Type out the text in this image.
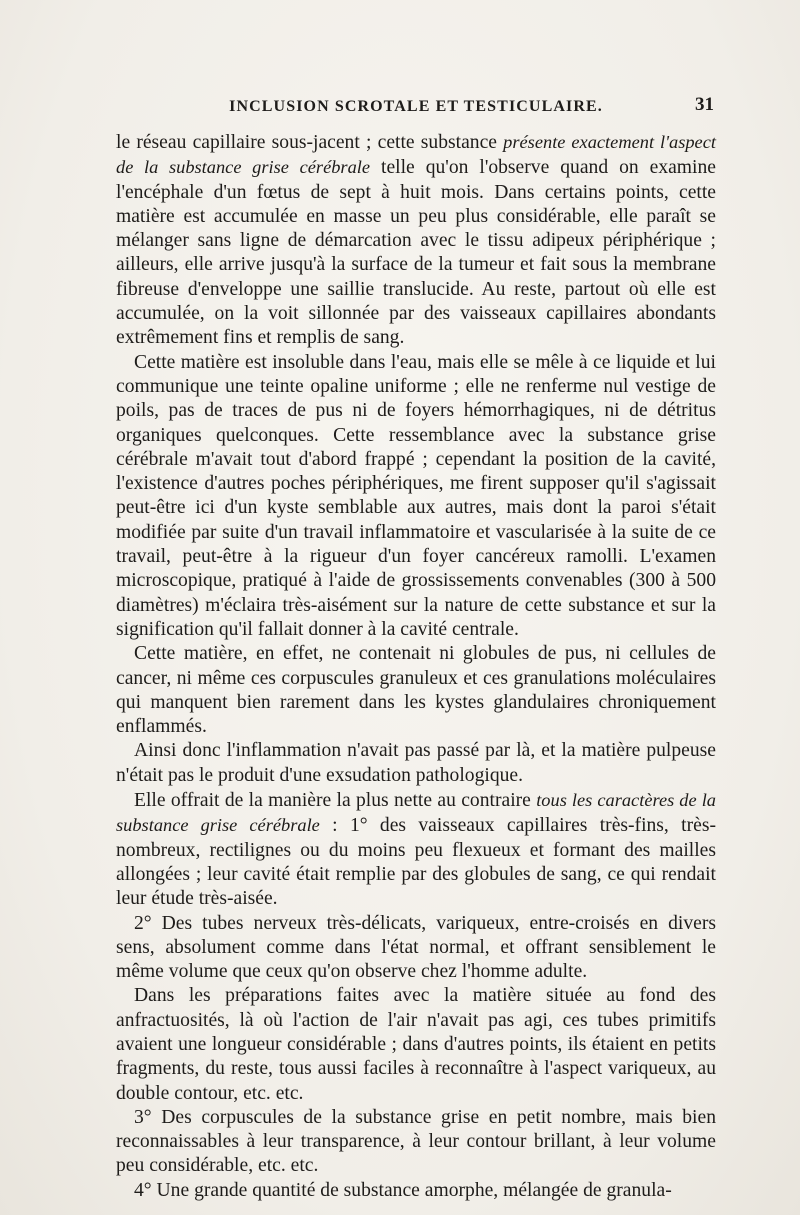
INCLUSION SCROTALE ET TESTICULAIRE.	31

le réseau capillaire sous-jacent ; cette substance présente exactement l'aspect de la substance grise cérébrale telle qu'on l'observe quand on examine l'encéphale d'un fœtus de sept à huit mois. Dans certains points, cette matière est accumulée en masse un peu plus considérable, elle paraît se mélanger sans ligne de démarcation avec le tissu adipeux périphérique ; ailleurs, elle arrive jusqu'à la surface de la tumeur et fait sous la membrane fibreuse d'enveloppe une saillie translucide. Au reste, partout où elle est accumulée, on la voit sillonnée par des vaisseaux capillaires abondants extrêmement fins et remplis de sang.

Cette matière est insoluble dans l'eau, mais elle se mêle à ce liquide et lui communique une teinte opaline uniforme ; elle ne renferme nul vestige de poils, pas de traces de pus ni de foyers hémorrhagiques, ni de détritus organiques quelconques. Cette ressemblance avec la substance grise cérébrale m'avait tout d'abord frappé ; cependant la position de la cavité, l'existence d'autres poches périphériques, me firent supposer qu'il s'agissait peut-être ici d'un kyste semblable aux autres, mais dont la paroi s'était modifiée par suite d'un travail inflammatoire et vascularisée à la suite de ce travail, peut-être à la rigueur d'un foyer cancéreux ramolli. L'examen microscopique, pratiqué à l'aide de grossissements convenables (300 à 500 diamètres) m'éclaira très-aisément sur la nature de cette substance et sur la signification qu'il fallait donner à la cavité centrale.

Cette matière, en effet, ne contenait ni globules de pus, ni cellules de cancer, ni même ces corpuscules granuleux et ces granulations moléculaires qui manquent bien rarement dans les kystes glandulaires chroniquement enflammés.

Ainsi donc l'inflammation n'avait pas passé par là, et la matière pulpeuse n'était pas le produit d'une exsudation pathologique.

Elle offrait de la manière la plus nette au contraire tous les caractères de la substance grise cérébrale : 1° des vaisseaux capillaires très-fins, très-nombreux, rectilignes ou du moins peu flexueux et formant des mailles allongées ; leur cavité était remplie par des globules de sang, ce qui rendait leur étude très-aisée.

2° Des tubes nerveux très-délicats, variqueux, entre-croisés en divers sens, absolument comme dans l'état normal, et offrant sensiblement le même volume que ceux qu'on observe chez l'homme adulte.

Dans les préparations faites avec la matière située au fond des anfractuosités, là où l'action de l'air n'avait pas agi, ces tubes primitifs avaient une longueur considérable ; dans d'autres points, ils étaient en petits fragments, du reste, tous aussi faciles à reconnaître à l'aspect variqueux, au double contour, etc. etc.

3° Des corpuscules de la substance grise en petit nombre, mais bien reconnaissables à leur transparence, à leur contour brillant, à leur volume peu considérable, etc. etc.

4° Une grande quantité de substance amorphe, mélangée de granula-
